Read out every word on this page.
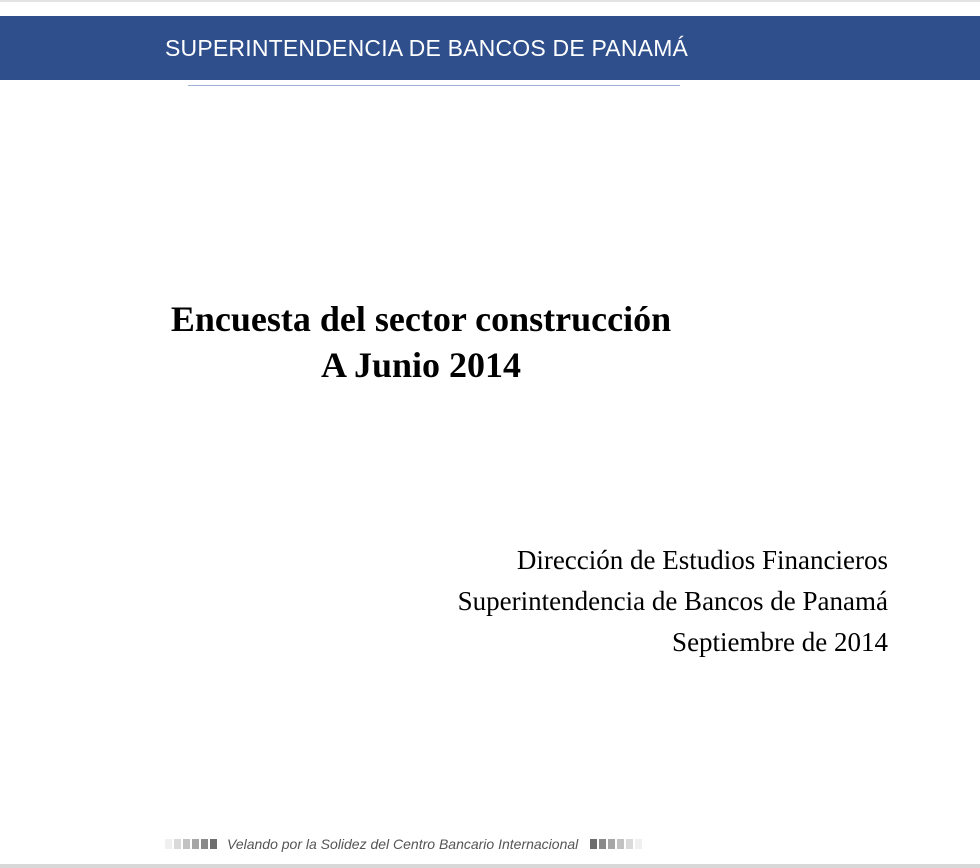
SUPERINTENDENCIA DE BANCOS DE PANAMÁ
Encuesta del sector construcción
A Junio 2014
Dirección de Estudios Financieros
Superintendencia de Bancos de Panamá
Septiembre de 2014
Velando por la Solidez del Centro Bancario Internacional
